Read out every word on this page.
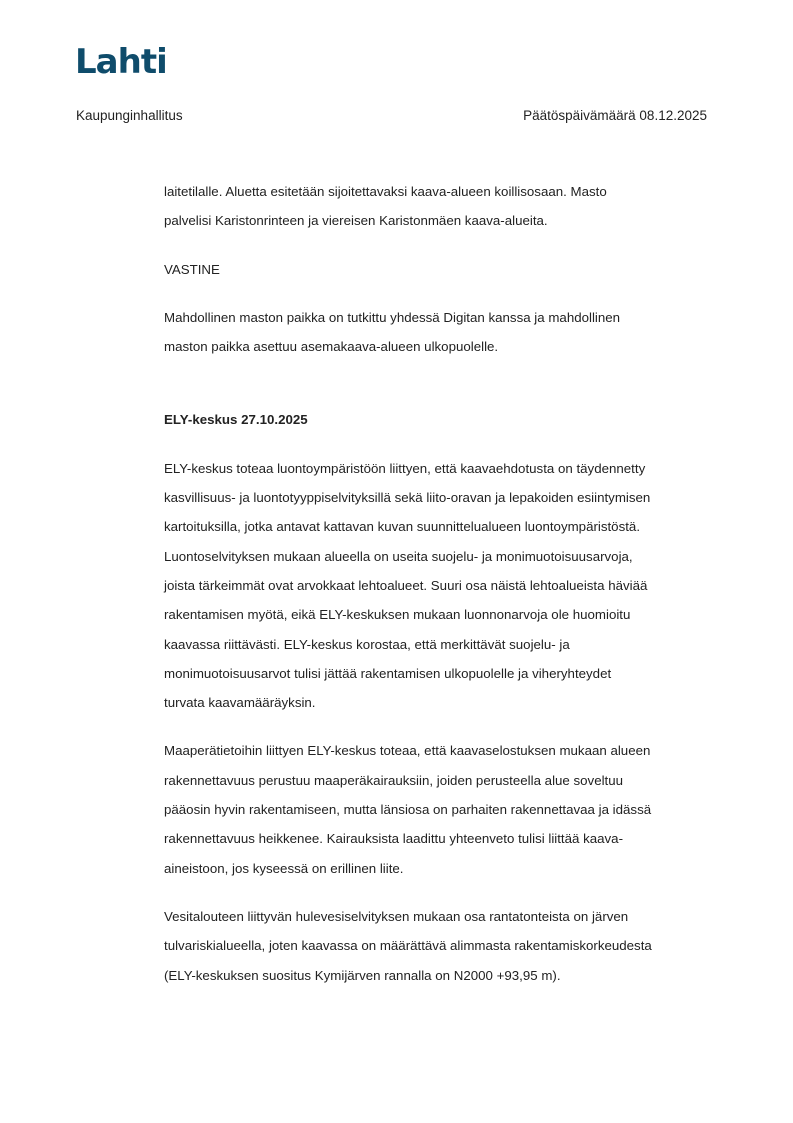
Lahti
Kaupunginhallitus	Päätöspäivämäärä 08.12.2025

laitetilalle. Aluetta esitetään sijoitettavaksi kaava-alueen koillisosaan. Masto
palvelisi Karistonrinteen ja viereisen Karistonmäen kaava-alueita.

VASTINE

Mahdollinen maston paikka on tutkittu yhdessä Digitan kanssa ja mahdollinen
maston paikka asettuu asemakaava-alueen ulkopuolelle.

ELY-keskus 27.10.2025

ELY-keskus toteaa luontoympäristöön liittyen, että kaavaehdotusta on täydennetty
kasvillisuus- ja luontotyyppiselvityksillä sekä liito-oravan ja lepakoiden esiintymisen
kartoituksilla, jotka antavat kattavan kuvan suunnittelualueen luontoympäristöstä.
Luontoselvityksen mukaan alueella on useita suojelu- ja monimuotoisuusarvoja,
joista tärkeimmät ovat arvokkaat lehtoalueet. Suuri osa näistä lehtoalueista häviää
rakentamisen myötä, eikä ELY-keskuksen mukaan luonnonarvoja ole huomioitu
kaavassa riittävästi. ELY-keskus korostaa, että merkittävät suojelu- ja
monimuotoisuusarvot tulisi jättää rakentamisen ulkopuolelle ja viheryhteydet
turvata kaavamääräyksin.

Maaperätietoihin liittyen ELY-keskus toteaa, että kaavaselostuksen mukaan alueen
rakennettavuus perustuu maaperäkairauksiin, joiden perusteella alue soveltuu
pääosin hyvin rakentamiseen, mutta länsiosa on parhaiten rakennettavaa ja idässä
rakennettavuus heikkenee. Kairauksista laadittu yhteenveto tulisi liittää kaava-
aineistoon, jos kyseessä on erillinen liite.

Vesitalouteen liittyvän hulevesiselvityksen mukaan osa rantatonteista on järven
tulvariskialueella, joten kaavassa on määrättävä alimmasta rakentamiskorkeudesta
(ELY-keskuksen suositus Kymijärven rannalla on N2000 +93,95 m).
